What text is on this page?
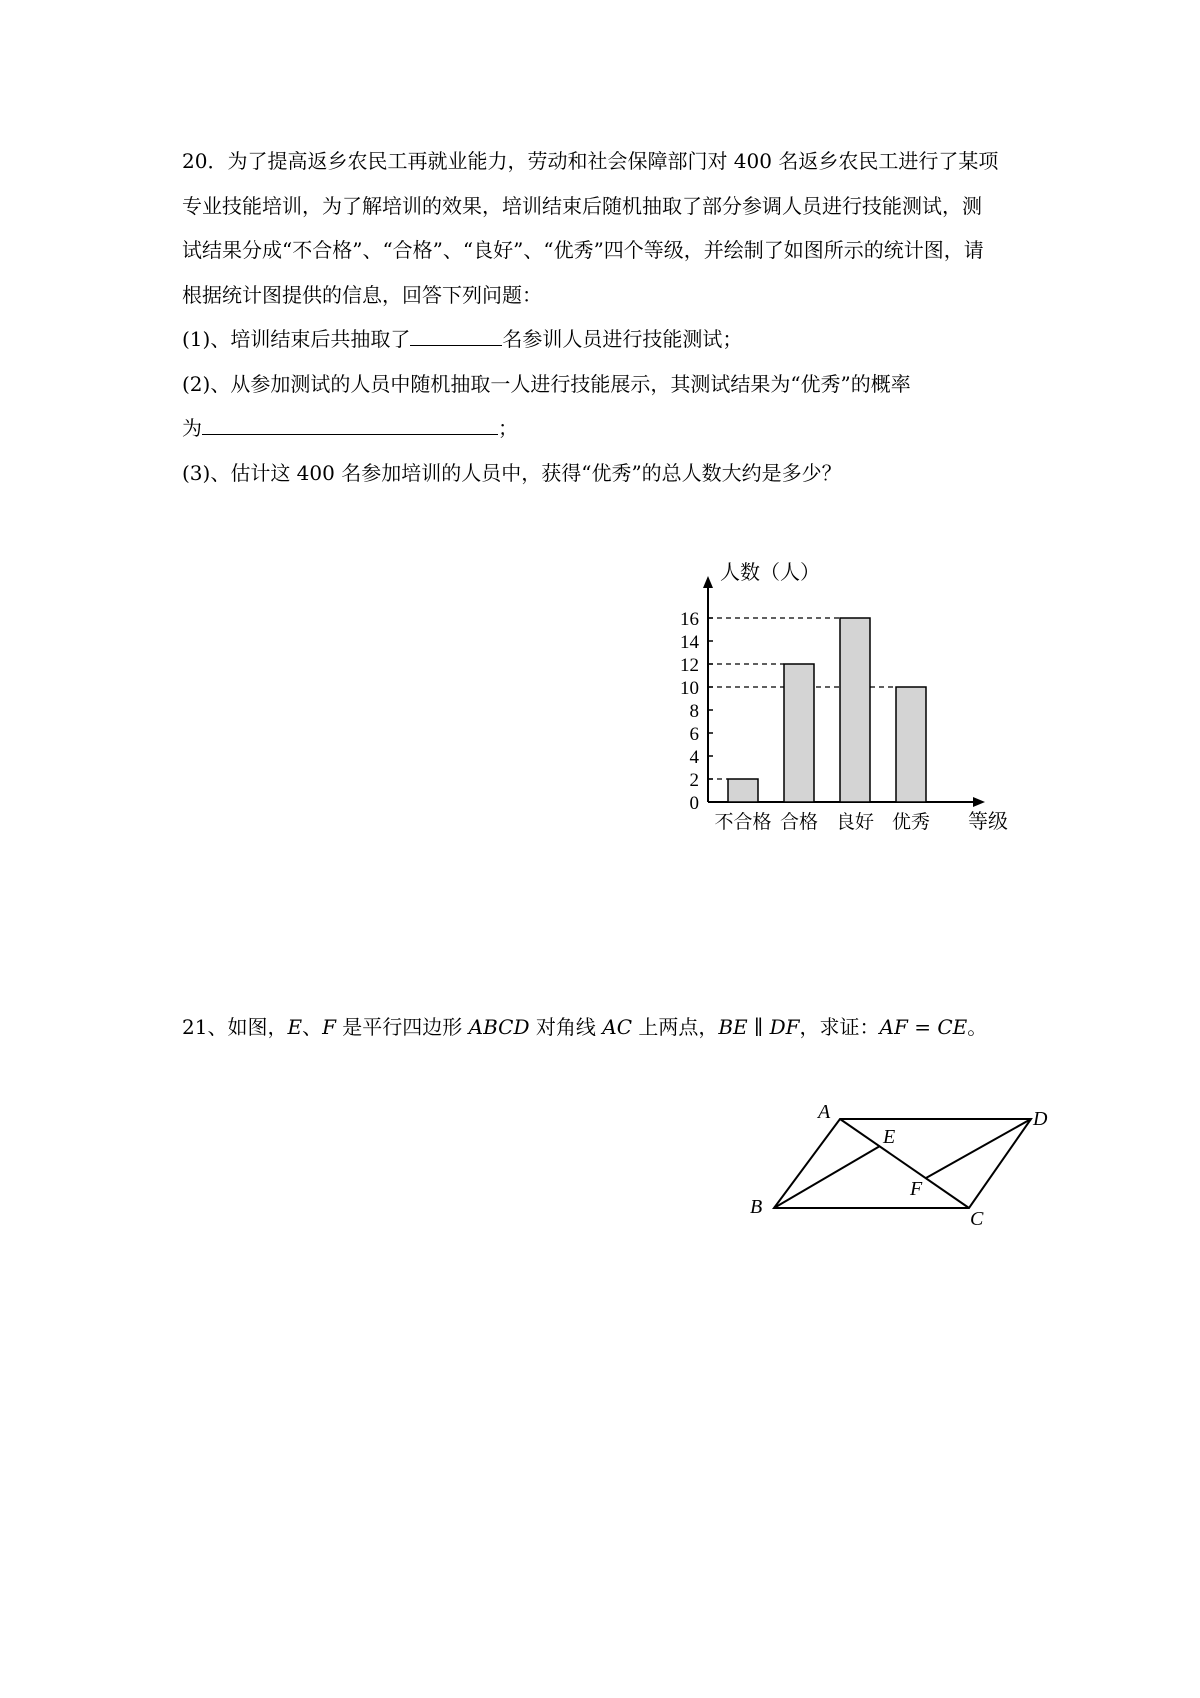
20．为了提高返乡农民工再就业能力，劳动和社会保障部门对 400 名返乡农民工进行了某项
专业技能培训，为了解培训的效果，培训结束后随机抽取了部分参调人员进行技能测试，测
试结果分成“不合格”、“合格”、“良好”、“优秀”四个等级，并绘制了如图所示的统计图，请
根据统计图提供的信息，回答下列问题：
(1)、培训结束后共抽取了	名参训人员进行技能测试；
(2)、从参加测试的人员中随机抽取一人进行技能展示，其测试结果为“优秀”的概率
为	；
(3)、估计这 400 名参加培训的人员中，获得“优秀”的总人数大约是多少？
0
2
4
6
8
10
12
14
16
不合格 合格 良好 优秀
人数（人）
等级
21、如图，E、F 是平行四边形 ABCD 对角线 AC 上两点，BE ∥ DF，求证：AF = CE。
A
B
C
D
E
F
